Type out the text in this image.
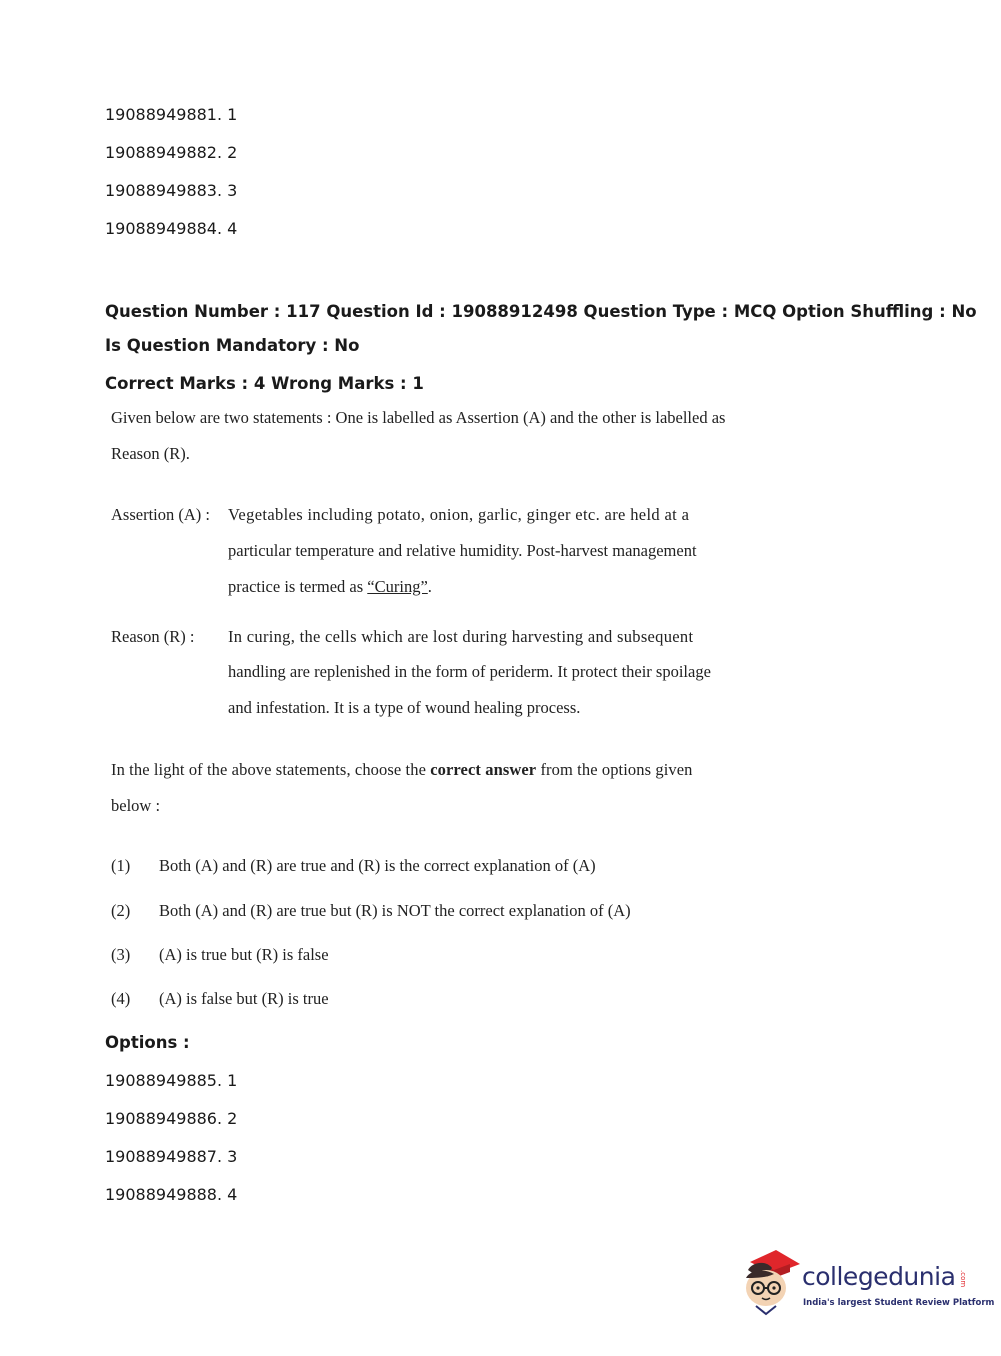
19088949881. 1
19088949882. 2
19088949883. 3
19088949884. 4
Question Number : 117 Question Id : 19088912498 Question Type : MCQ Option Shuffling : No
Is Question Mandatory : No
Correct Marks : 4 Wrong Marks : 1
Given below are two statements : One is labelled as Assertion (A) and the other is labelled as
Reason (R).
Assertion (A) : Vegetables including potato, onion, garlic, ginger etc. are held at a
particular temperature and relative humidity. Post-harvest management
practice is termed as “Curing”.
Reason (R) : In curing, the cells which are lost during harvesting and subsequent
handling are replenished in the form of periderm. It protect their spoilage
and infestation. It is a type of wound healing process.
In the light of the above statements, choose the correct answer from the options given
below :
(1) Both (A) and (R) are true and (R) is the correct explanation of (A)
(2) Both (A) and (R) are true but (R) is NOT the correct explanation of (A)
(3) (A) is true but (R) is false
(4) (A) is false but (R) is true
Options :
19088949885. 1
19088949886. 2
19088949887. 3
19088949888. 4
collegedunia .com
India's largest Student Review Platform
